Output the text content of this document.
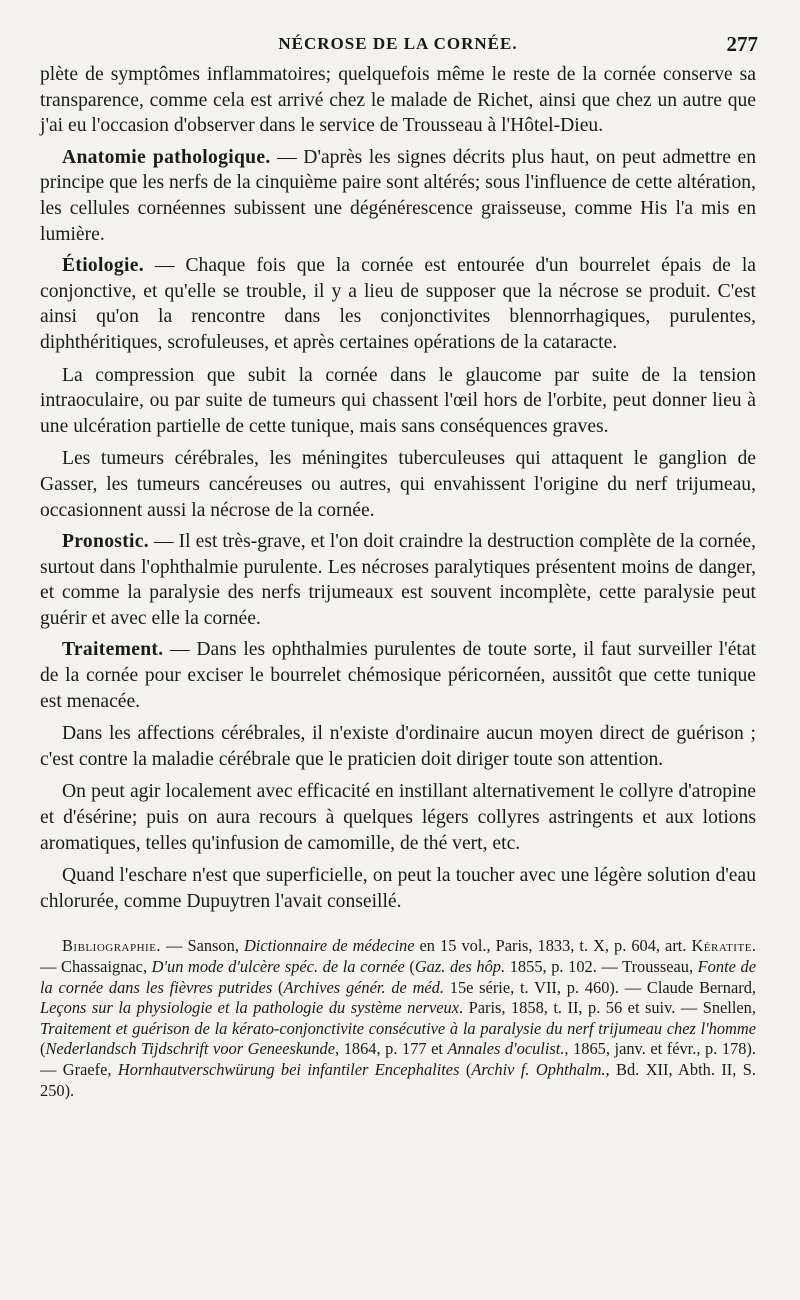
NÉCROSE DE LA CORNÉE.	277

plète de symptômes inflammatoires; quelquefois même le reste de la cornée conserve sa transparence, comme cela est arrivé chez le malade de Richet, ainsi que chez un autre que j'ai eu l'occasion d'observer dans le service de Trousseau à l'Hôtel-Dieu.

Anatomie pathologique. — D'après les signes décrits plus haut, on peut admettre en principe que les nerfs de la cinquième paire sont altérés; sous l'influence de cette altération, les cellules cornéennes subissent une dégénérescence graisseuse, comme His l'a mis en lumière.

Étiologie. — Chaque fois que la cornée est entourée d'un bourrelet épais de la conjonctive, et qu'elle se trouble, il y a lieu de supposer que la nécrose se produit. C'est ainsi qu'on la rencontre dans les conjonctivites blennorrhagiques, purulentes, diphthéritiques, scrofuleuses, et après certaines opérations de la cataracte.

La compression que subit la cornée dans le glaucome par suite de la tension intraoculaire, ou par suite de tumeurs qui chassent l'œil hors de l'orbite, peut donner lieu à une ulcération partielle de cette tunique, mais sans conséquences graves.

Les tumeurs cérébrales, les méningites tuberculeuses qui attaquent le ganglion de Gasser, les tumeurs cancéreuses ou autres, qui envahissent l'origine du nerf trijumeau, occasionnent aussi la nécrose de la cornée.

Pronostic. — Il est très-grave, et l'on doit craindre la destruction complète de la cornée, surtout dans l'ophthalmie purulente. Les nécroses paralytiques présentent moins de danger, et comme la paralysie des nerfs trijumeaux est souvent incomplète, cette paralysie peut guérir et avec elle la cornée.

Traitement. — Dans les ophthalmies purulentes de toute sorte, il faut surveiller l'état de la cornée pour exciser le bourrelet chémosique péricornéen, aussitôt que cette tunique est menacée.

Dans les affections cérébrales, il n'existe d'ordinaire aucun moyen direct de guérison ; c'est contre la maladie cérébrale que le praticien doit diriger toute son attention.

On peut agir localement avec efficacité en instillant alternativement le collyre d'atropine et d'ésérine; puis on aura recours à quelques légers collyres astringents et aux lotions aromatiques, telles qu'infusion de camomille, de thé vert, etc.

Quand l'eschare n'est que superficielle, on peut la toucher avec une légère solution d'eau chlorurée, comme Dupuytren l'avait conseillé.

Bibliographie. — Sanson, Dictionnaire de médecine en 15 vol., Paris, 1833, t. X, p. 604, art. Kératite. — Chassaignac, D'un mode d'ulcère spéc. de la cornée (Gaz. des hôp. 1855, p. 102. — Trousseau, Fonte de la cornée dans les fièvres putrides (Archives génér. de méd. 15e série, t. VII, p. 460). — Claude Bernard, Leçons sur la physiologie et la pathologie du système nerveux. Paris, 1858, t. II, p. 56 et suiv. — Snellen, Traitement et guérison de la kérato-conjonctivite consécutive à la paralysie du nerf trijumeau chez l'homme (Nederlandsch Tijdschrift voor Geneeskunde, 1864, p. 177 et Annales d'oculist., 1865, janv. et févr., p. 178). — Graefe, Hornhautverschwürung bei infantiler Encephalites (Archiv f. Ophthalm., Bd. XII, Abth. II, S. 250).
